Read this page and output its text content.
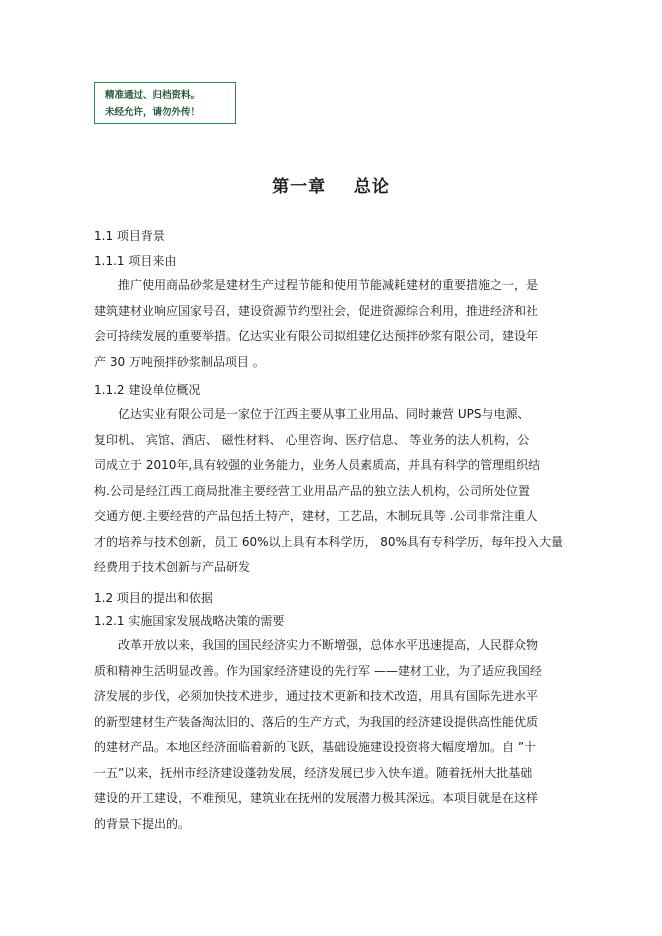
精准通过、归档资料。
未经允许，请勿外传！
第一章    总论
1.1 项目背景
1.1.1 项目来由
推广使用商品砂浆是建材生产过程节能和使用节能减耗建材的重要措施之一，是
建筑建材业响应国家号召，建设资源节约型社会，促进资源综合利用，推进经济和社
会可持续发展的重要举措。亿达实业有限公司拟组建亿达预拌砂浆有限公司，建设年
产 30 万吨预拌砂浆制品项目 。
1.1.2 建设单位概况
亿达实业有限公司是一家位于江西主要从事工业用品、同时兼营 UPS与电源、
复印机、 宾馆、酒店、 磁性材料、 心里咨询、医疗信息、 等业务的法人机构，公
司成立于 2010年,具有较强的业务能力，业务人员素质高，并具有科学的管理组织结
构.公司是经江西工商局批准主要经营工业用品产品的独立法人机构，公司所处位置
交通方便.主要经营的产品包括土特产，建材，工艺品，木制玩具等 .公司非常注重人
才的培养与技术创新，员工 60%以上具有本科学历， 80%具有专科学历，每年投入大量
经费用于技术创新与产品研发
1.2 项目的提出和依据
1.2.1 实施国家发展战略决策的需要
改革开放以来，我国的国民经济实力不断增强，总体水平迅速提高，人民群众物
质和精神生活明显改善。作为国家经济建设的先行军 ——建材工业，为了适应我国经
济发展的步伐，必须加快技术进步，通过技术更新和技术改造，用具有国际先进水平
的新型建材生产装备淘汰旧的、落后的生产方式，为我国的经济建设提供高性能优质
的建材产品。本地区经济面临着新的飞跃，基础设施建设投资将大幅度增加。自 ”十
一五”以来，抚州市经济建设蓬勃发展，经济发展已步入快车道。随着抚州大批基础
建设的开工建设，不难预见，建筑业在抚州的发展潜力极其深远。本项目就是在这样
的背景下提出的。
